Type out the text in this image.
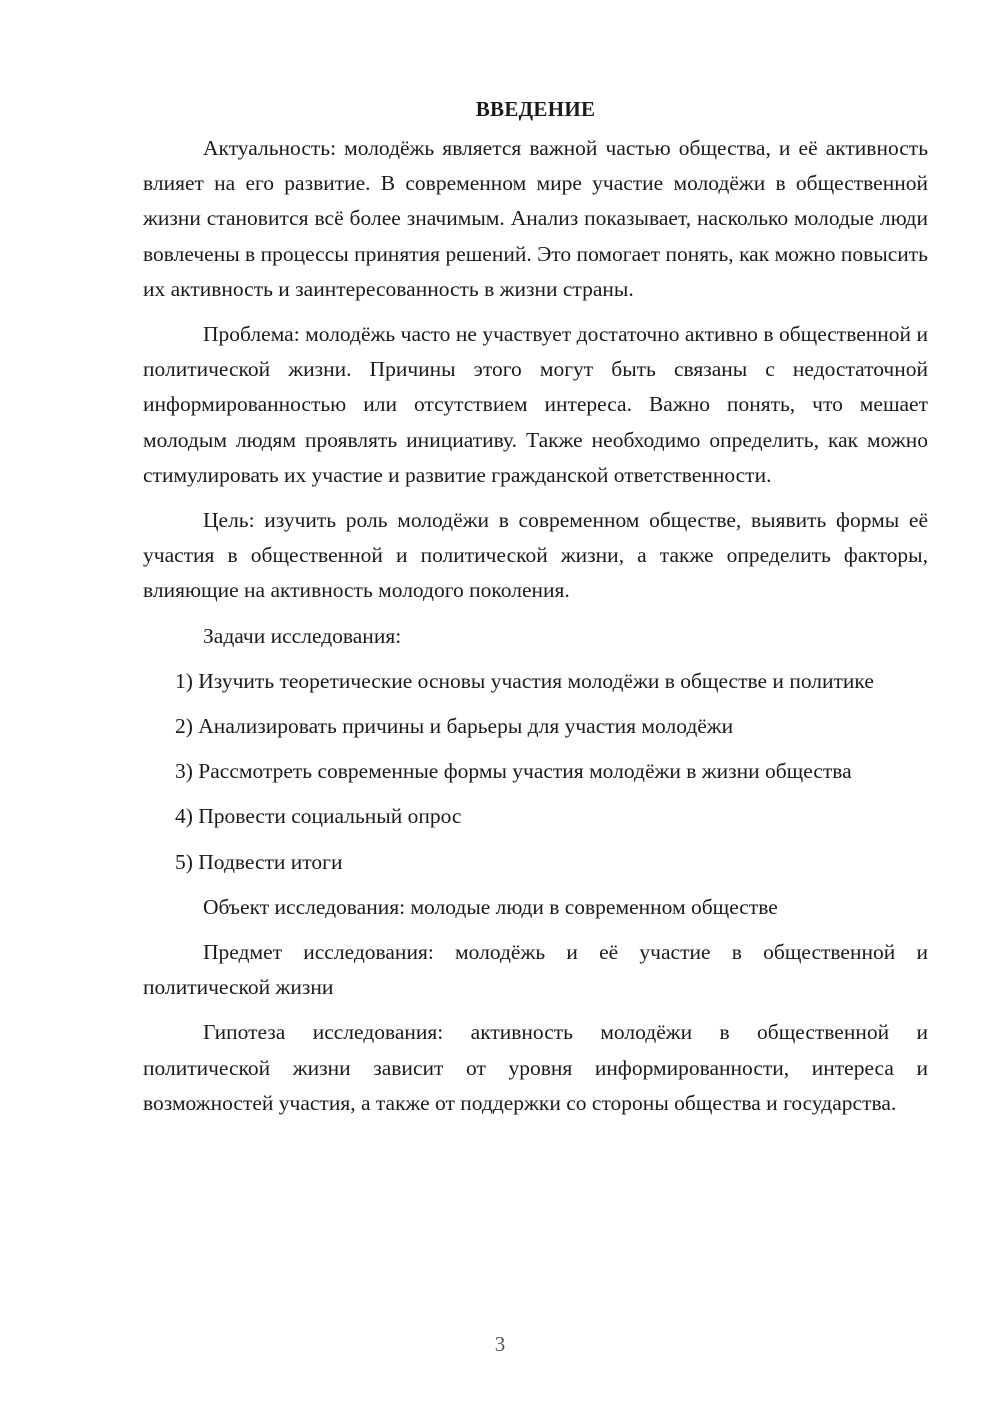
ВВЕДЕНИЕ

Актуальность: молодёжь является важной частью общества, и её активность влияет на его развитие. В современном мире участие молодёжи в общественной жизни становится всё более значимым. Анализ показывает, насколько молодые люди вовлечены в процессы принятия решений. Это помогает понять, как можно повысить их активность и заинтересованность в жизни страны.

Проблема: молодёжь часто не участвует достаточно активно в общественной и политической жизни. Причины этого могут быть связаны с недостаточной информированностью или отсутствием интереса. Важно понять, что мешает молодым людям проявлять инициативу. Также необходимо определить, как можно стимулировать их участие и развитие гражданской ответственности.

Цель: изучить роль молодёжи в современном обществе, выявить формы её участия в общественной и политической жизни, а также определить факторы, влияющие на активность молодого поколения.

Задачи исследования:

1) Изучить теоретические основы участия молодёжи в обществе и политике

2) Анализировать причины и барьеры для участия молодёжи

3) Рассмотреть современные формы участия молодёжи в жизни общества

4) Провести социальный опрос

5) Подвести итоги

Объект исследования: молодые люди в современном обществе

Предмет исследования: молодёжь и её участие в общественной и политической жизни

Гипотеза исследования: активность молодёжи в общественной и политической жизни зависит от уровня информированности, интереса и возможностей участия, а также от поддержки со стороны общества и государства.

3
